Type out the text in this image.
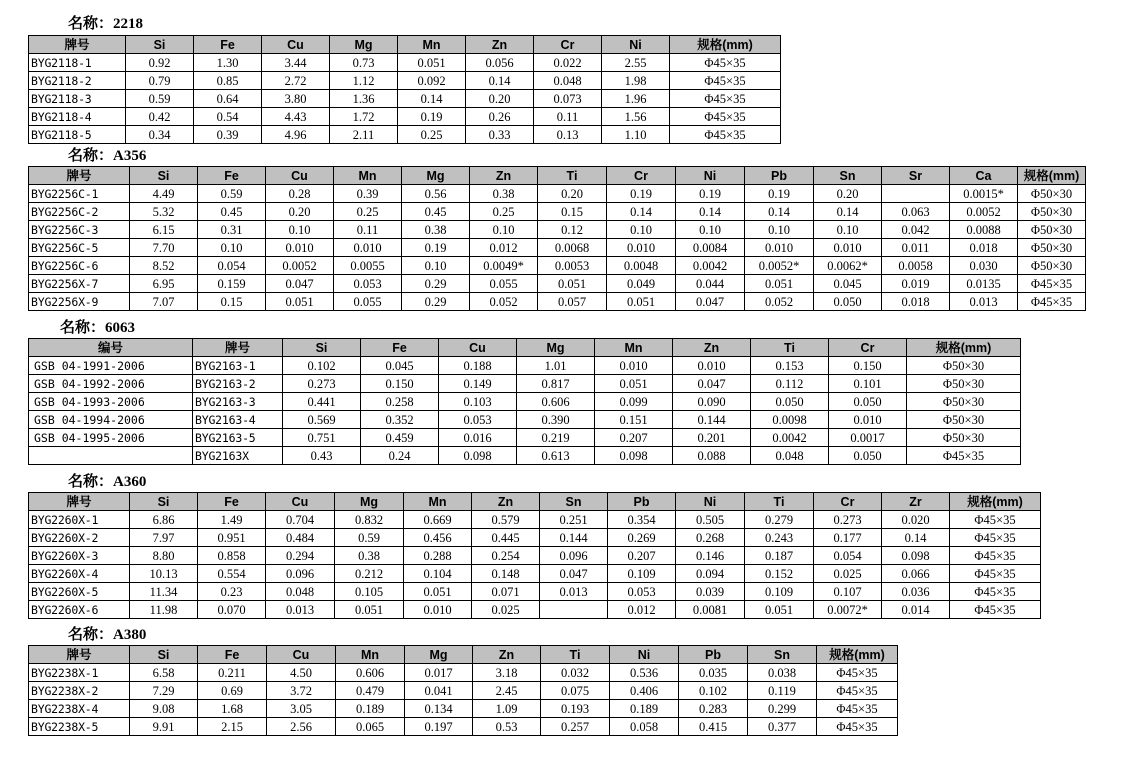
名称：2218
牌号	Si	Fe	Cu	Mg	Mn	Zn	Cr	Ni	规格(mm)
BYG2118-1	0.92	1.30	3.44	0.73	0.051	0.056	0.022	2.55	Φ45×35
BYG2118-2	0.79	0.85	2.72	1.12	0.092	0.14	0.048	1.98	Φ45×35
BYG2118-3	0.59	0.64	3.80	1.36	0.14	0.20	0.073	1.96	Φ45×35
BYG2118-4	0.42	0.54	4.43	1.72	0.19	0.26	0.11	1.56	Φ45×35
BYG2118-5	0.34	0.39	4.96	2.11	0.25	0.33	0.13	1.10	Φ45×35
名称：A356
牌号	Si	Fe	Cu	Mn	Mg	Zn	Ti	Cr	Ni	Pb	Sn	Sr	Ca	规格(mm)
BYG2256C-1	4.49	0.59	0.28	0.39	0.56	0.38	0.20	0.19	0.19	0.19	0.20		0.0015*	Φ50×30
BYG2256C-2	5.32	0.45	0.20	0.25	0.45	0.25	0.15	0.14	0.14	0.14	0.14	0.063	0.0052	Φ50×30
BYG2256C-3	6.15	0.31	0.10	0.11	0.38	0.10	0.12	0.10	0.10	0.10	0.10	0.042	0.0088	Φ50×30
BYG2256C-5	7.70	0.10	0.010	0.010	0.19	0.012	0.0068	0.010	0.0084	0.010	0.010	0.011	0.018	Φ50×30
BYG2256C-6	8.52	0.054	0.0052	0.0055	0.10	0.0049*	0.0053	0.0048	0.0042	0.0052*	0.0062*	0.0058	0.030	Φ50×30
BYG2256X-7	6.95	0.159	0.047	0.053	0.29	0.055	0.051	0.049	0.044	0.051	0.045	0.019	0.0135	Φ45×35
BYG2256X-9	7.07	0.15	0.051	0.055	0.29	0.052	0.057	0.051	0.047	0.052	0.050	0.018	0.013	Φ45×35
名称：6063
编号	牌号	Si	Fe	Cu	Mg	Mn	Zn	Ti	Cr	规格(mm)
GSB 04-1991-2006	BYG2163-1	0.102	0.045	0.188	1.01	0.010	0.010	0.153	0.150	Φ50×30
GSB 04-1992-2006	BYG2163-2	0.273	0.150	0.149	0.817	0.051	0.047	0.112	0.101	Φ50×30
GSB 04-1993-2006	BYG2163-3	0.441	0.258	0.103	0.606	0.099	0.090	0.050	0.050	Φ50×30
GSB 04-1994-2006	BYG2163-4	0.569	0.352	0.053	0.390	0.151	0.144	0.0098	0.010	Φ50×30
GSB 04-1995-2006	BYG2163-5	0.751	0.459	0.016	0.219	0.207	0.201	0.0042	0.0017	Φ50×30
	BYG2163X	0.43	0.24	0.098	0.613	0.098	0.088	0.048	0.050	Φ45×35
名称：A360
牌号	Si	Fe	Cu	Mg	Mn	Zn	Sn	Pb	Ni	Ti	Cr	Zr	规格(mm)
BYG2260X-1	6.86	1.49	0.704	0.832	0.669	0.579	0.251	0.354	0.505	0.279	0.273	0.020	Φ45×35
BYG2260X-2	7.97	0.951	0.484	0.59	0.456	0.445	0.144	0.269	0.268	0.243	0.177	0.14	Φ45×35
BYG2260X-3	8.80	0.858	0.294	0.38	0.288	0.254	0.096	0.207	0.146	0.187	0.054	0.098	Φ45×35
BYG2260X-4	10.13	0.554	0.096	0.212	0.104	0.148	0.047	0.109	0.094	0.152	0.025	0.066	Φ45×35
BYG2260X-5	11.34	0.23	0.048	0.105	0.051	0.071	0.013	0.053	0.039	0.109	0.107	0.036	Φ45×35
BYG2260X-6	11.98	0.070	0.013	0.051	0.010	0.025		0.012	0.0081	0.051	0.0072*	0.014	Φ45×35
名称：A380
牌号	Si	Fe	Cu	Mn	Mg	Zn	Ti	Ni	Pb	Sn	规格(mm)
BYG2238X-1	6.58	0.211	4.50	0.606	0.017	3.18	0.032	0.536	0.035	0.038	Φ45×35
BYG2238X-2	7.29	0.69	3.72	0.479	0.041	2.45	0.075	0.406	0.102	0.119	Φ45×35
BYG2238X-4	9.08	1.68	3.05	0.189	0.134	1.09	0.193	0.189	0.283	0.299	Φ45×35
BYG2238X-5	9.91	2.15	2.56	0.065	0.197	0.53	0.257	0.058	0.415	0.377	Φ45×35
